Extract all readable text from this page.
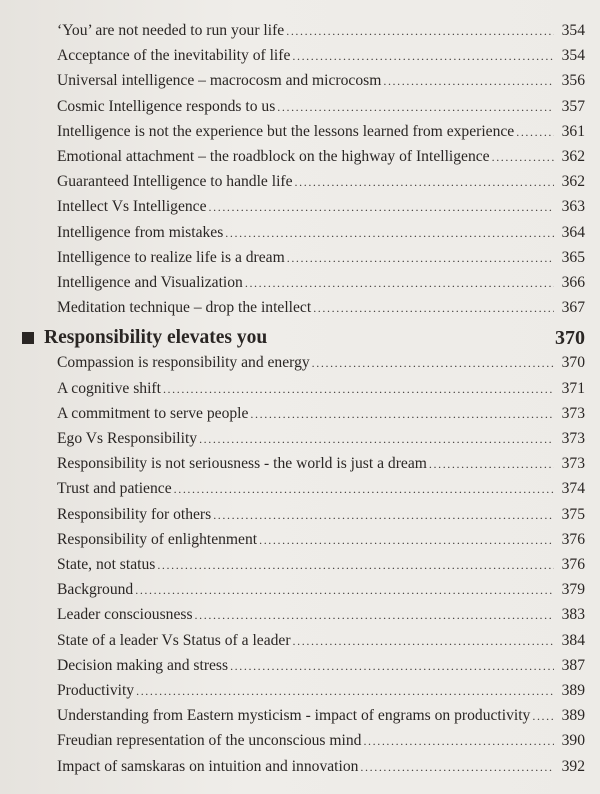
‘You’ are not needed to run your life .....	354
Acceptance of the inevitability of life .....	354
Universal intelligence – macrocosm and microcosm .....	356
Cosmic Intelligence responds to us .....	357
Intelligence is not the experience but the lessons learned from experience .....	361
Emotional attachment – the roadblock on the highway of Intelligence .....	362
Guaranteed Intelligence to handle life .....	362
Intellect Vs Intelligence .....	363
Intelligence from mistakes .....	364
Intelligence to realize life is a dream .....	365
Intelligence and Visualization .....	366
Meditation technique – drop the intellect .....	367
Responsibility elevates you	370
Compassion is responsibility and energy .....	370
A cognitive shift .....	371
A commitment to serve people .....	373
Ego Vs Responsibility .....	373
Responsibility is not seriousness - the world is just a dream .....	373
Trust and patience .....	374
Responsibility for others .....	375
Responsibility of enlightenment .....	376
State, not status .....	376
Background .....	379
Leader consciousness .....	383
State of a leader Vs Status of a leader .....	384
Decision making and stress .....	387
Productivity .....	389
Understanding from Eastern mysticism - impact of engrams on productivity ..... 389
Freudian representation of the unconscious mind .....	390
Impact of samskaras on intuition and innovation .....	392
